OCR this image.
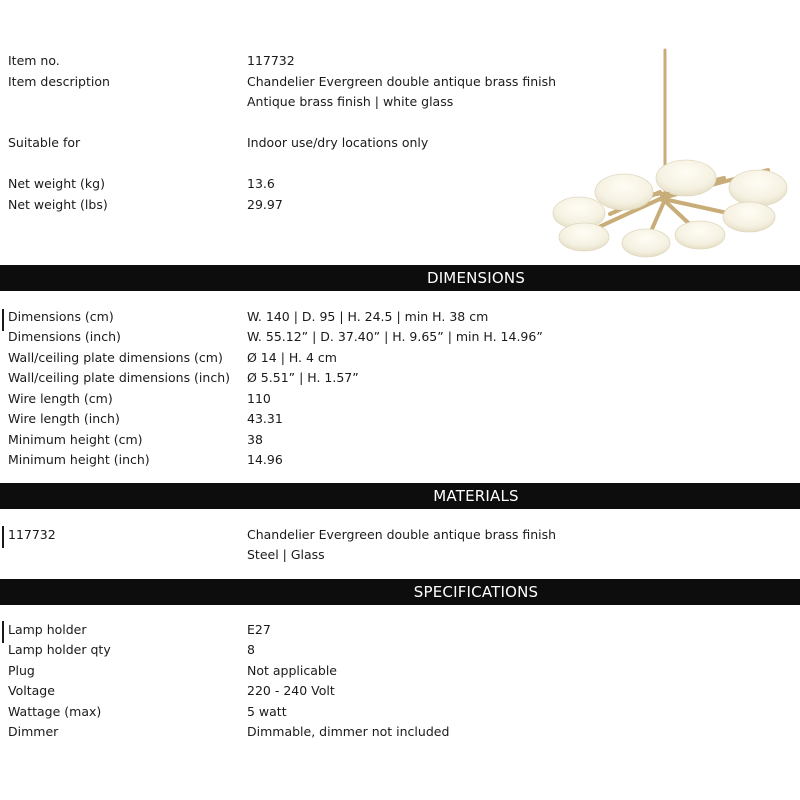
Item no.	117732
Item description	Chandelier Evergreen double antique brass finish
Antique brass finish | white glass
Suitable for	Indoor use/dry locations only
Net weight (kg)	13.6
Net weight (lbs)	29.97
DIMENSIONS
Dimensions (cm)	W. 140 | D. 95 | H. 24.5 | min H. 38 cm
Dimensions (inch)	W. 55.12” | D. 37.40” | H. 9.65” | min H. 14.96”
Wall/ceiling plate dimensions (cm) Ø 14 | H. 4 cm
Wall/ceiling plate dimensions (inch) Ø 5.51” | H. 1.57”
Wire length (cm)	110
Wire length (inch)	43.31
Minimum height (cm)	38
Minimum height (inch)	14.96
MATERIALS
117732	Chandelier Evergreen double antique brass finish
Steel | Glass
SPECIFICATIONS
Lamp holder	E27
Lamp holder qty	8
Plug	Not applicable
Voltage	220 - 240 Volt
Wattage (max)	5 watt
Dimmer	Dimmable, dimmer not included
